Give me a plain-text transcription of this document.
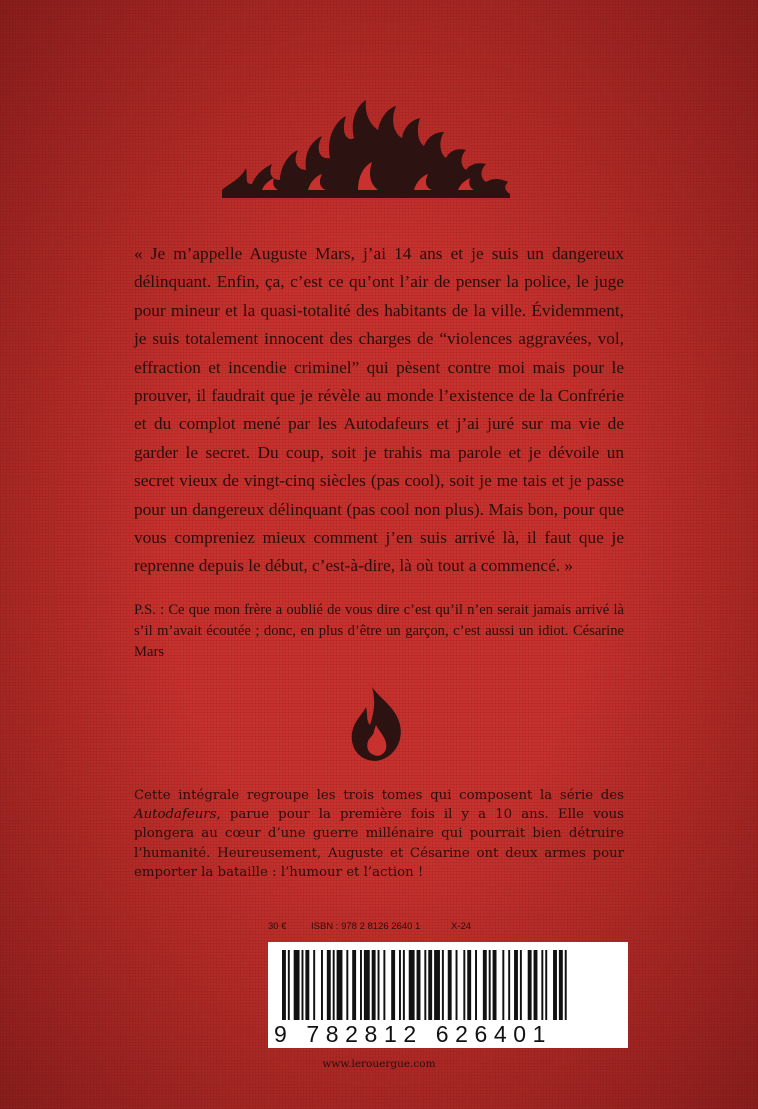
« Je m’appelle Auguste Mars, j’ai 14 ans et je suis un dangereux délinquant. Enfin, ça, c’est ce qu’ont l’air de penser la police, le juge pour mineur et la quasi-totalité des habitants de la ville. Évidemment, je suis totalement innocent des charges de “violences aggravées, vol, effraction et incendie criminel” qui pèsent contre moi mais pour le prouver, il faudrait que je révèle au monde l’existence de la Confrérie et du complot mené par les Autodafeurs et j’ai juré sur ma vie de garder le secret. Du coup, soit je trahis ma parole et je dévoile un secret vieux de vingt-cinq siècles (pas cool), soit je me tais et je passe pour un dangereux délinquant (pas cool non plus). Mais bon, pour que vous compreniez mieux comment j’en suis arrivé là, il faut que je reprenne depuis le début, c’est-à-dire, là où tout a commencé. »

P.S. : Ce que mon frère a oublié de vous dire c’est qu’il n’en serait jamais arrivé là s’il m’avait écoutée ; donc, en plus d’être un garçon, c’est aussi un idiot. Césarine Mars

Cette intégrale regroupe les trois tomes qui composent la série des Autodafeurs, parue pour la première fois il y a 10 ans. Elle vous plongera au cœur d’une guerre millénaire qui pourrait bien détruire l’humanité. Heureusement, Auguste et Césarine ont deux armes pour emporter la bataille : l’humour et l’action !

30 €	ISBN : 978 2 8126 2640 1	X-24
9 782812 626401
www.lerouergue.com
